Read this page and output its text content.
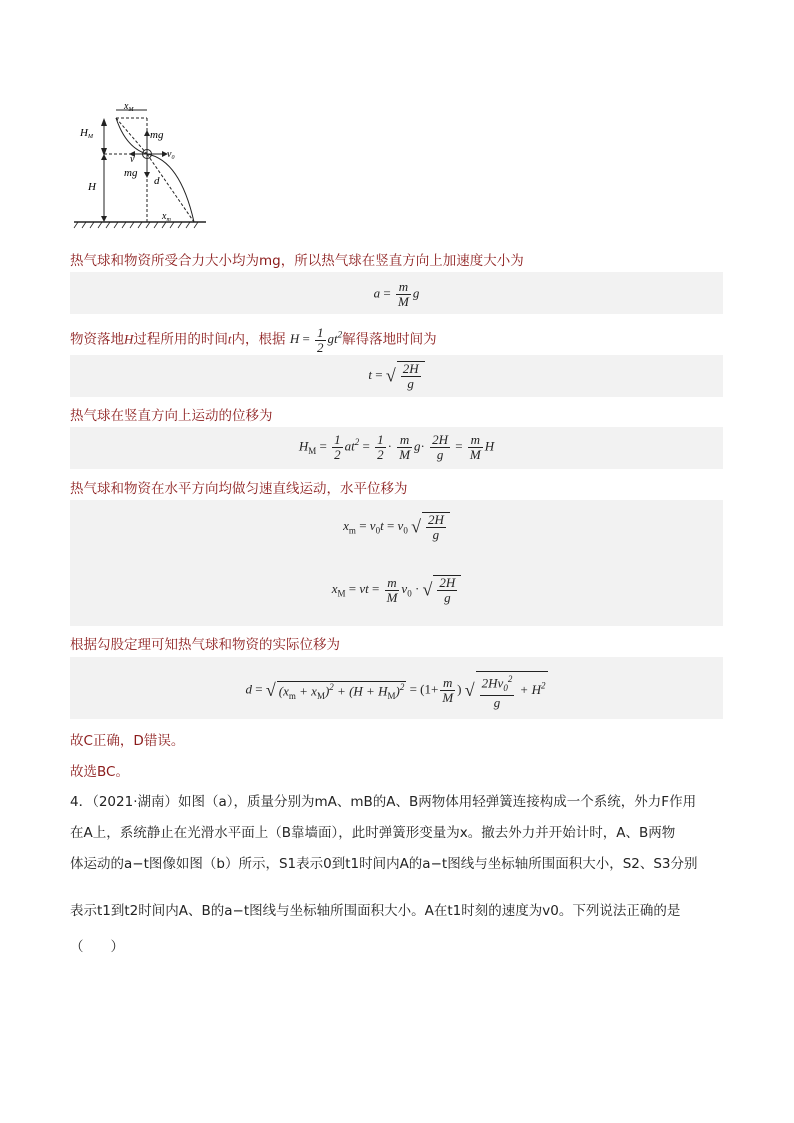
$x_M$
HM	mg
v	$v_0$
mg
d
H
$x_m$
热气球和物资所受合力大小均为mg，所以热气球在竖直方向上加速度大小为
$a = \frac{m}{M}$ g
物资落地H过程所用的时间t内，根据 $H = \frac{1}{2} gt^2$解得落地时间为
t = √ $\frac{2H}{g}$
热气球在竖直方向上运动的位移为
$H_M = \frac{1}{2} at^2 = \frac{1}{2} \cdot \frac{m}{M} g\cdot \frac{2H}{g} = \frac{m}{M}$ H
热气球和物资在水平方向均做匀速直线运动，水平位移为
$x_m = v_0t = v_0$ √ $\frac{2H}{g}$
$x_M$ = vt = $\frac{m}{M} v_0$ · √ $\frac{2H}{g}$
根据勾股定理可知热气球和物资的实际位移为
d = √ $(x_m + x_M)^2 + (H + H_M)^2 = (1+ \frac{m}{M}$ ) √ $\frac{2Hv_0^2}{g} + H^2$
故C正确，D错误。
故选BC。
4．（2021·湖南）如图（a），质量分别为mA、mB的A、B两物体用轻弹簧连接构成一个系统，外力F作用
在A上，系统静止在光滑水平面上（B靠墙面），此时弹簧形变量为x。撤去外力并开始计时，A、B两物
体运动的a−t图像如图（b）所示，S1表示0到t1时间内A的a−t图线与坐标轴所围面积大小，S2、S3分别
表示t1到t2时间内A、B的a−t图线与坐标轴所围面积大小。A在t1时刻的速度为v0。下列说法正确的是
（　　）
